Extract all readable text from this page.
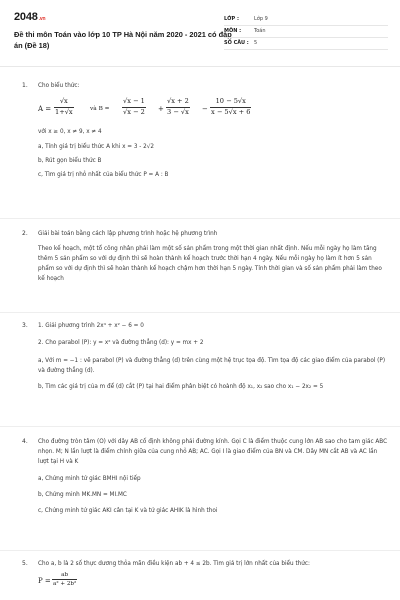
2048.vn
Đề thi môn Toán vào lớp 10 TP Hà Nội năm 2020 - 2021 có đáp án (Đề 18)
LỚP :	Lớp 9
MÔN :	Toán
SỐ CÂU :	5
1. Cho biểu thức:
$A = \frac{√x}{1+√x}$	và $B = \frac{√x - 1}{√x - 2} + \frac{√x + 2}{3 - √x} - \frac{10 - 5√x}{x - 5√x + 6}$
với x ≥ 0, x ≠ 9, x ≠ 4
a, Tính giá trị biểu thức A khi x = 3 - 2√2
b, Rút gọn biểu thức B
c, Tìm giá trị nhỏ nhất của biểu thức P = A : B
2. Giải bài toán bằng cách lập phương trình hoặc hệ phương trình
Theo kế hoạch, một tổ công nhân phải làm một số sản phẩm trong một thời gian nhất định. Nếu mỗi ngày họ làm tăng thêm 5 sản phẩm so với dự định thì sẽ hoàn thành kế hoạch trước thời hạn 4 ngày. Nếu mỗi ngày họ làm ít hơn 5 sản phẩm so với dự định thì sẽ hoàn thành kế hoạch chậm hơn thời hạn 5 ngày. Tính thời gian và số sản phẩm phải làm theo kế hoạch
3. 1. Giải phương trình 2x⁴ + x² − 6 = 0
2. Cho parabol (P): y = x² và đường thẳng (d): y = mx + 2
a, Với m = −1 : vẽ parabol (P) và đường thẳng (d) trên cùng một hệ trục tọa độ. Tìm tọa độ các giao điểm của parabol (P) và đường thẳng (d).
b, Tìm các giá trị của m để (d) cắt (P) tại hai điểm phân biệt có hoành độ x₁, x₂ sao cho x₁ − 2x₂ = 5
4. Cho đường tròn tâm (O) với dây AB cố định không phải đường kính. Gọi C là điểm thuộc cung lớn AB sao cho tam giác ABC nhọn. M; N lần lượt là điểm chính giữa của cung nhỏ AB; AC. Gọi I là giao điểm của BN và CM. Dây MN cắt AB và AC lần lượt tại H và K
a, Chứng minh tứ giác BMHI nội tiếp
b, Chứng minh MK.MN = MI.MC
c, Chứng minh tứ giác AKI cân tại K và tứ giác AHIK là hình thoi
5. Cho a, b là 2 số thực dương thỏa mãn điều kiện ab + 4 ≤ 2b. Tìm giá trị lớn nhất của biểu thức:
$P = \frac{ab}{\text{a² + 2b²}}$
